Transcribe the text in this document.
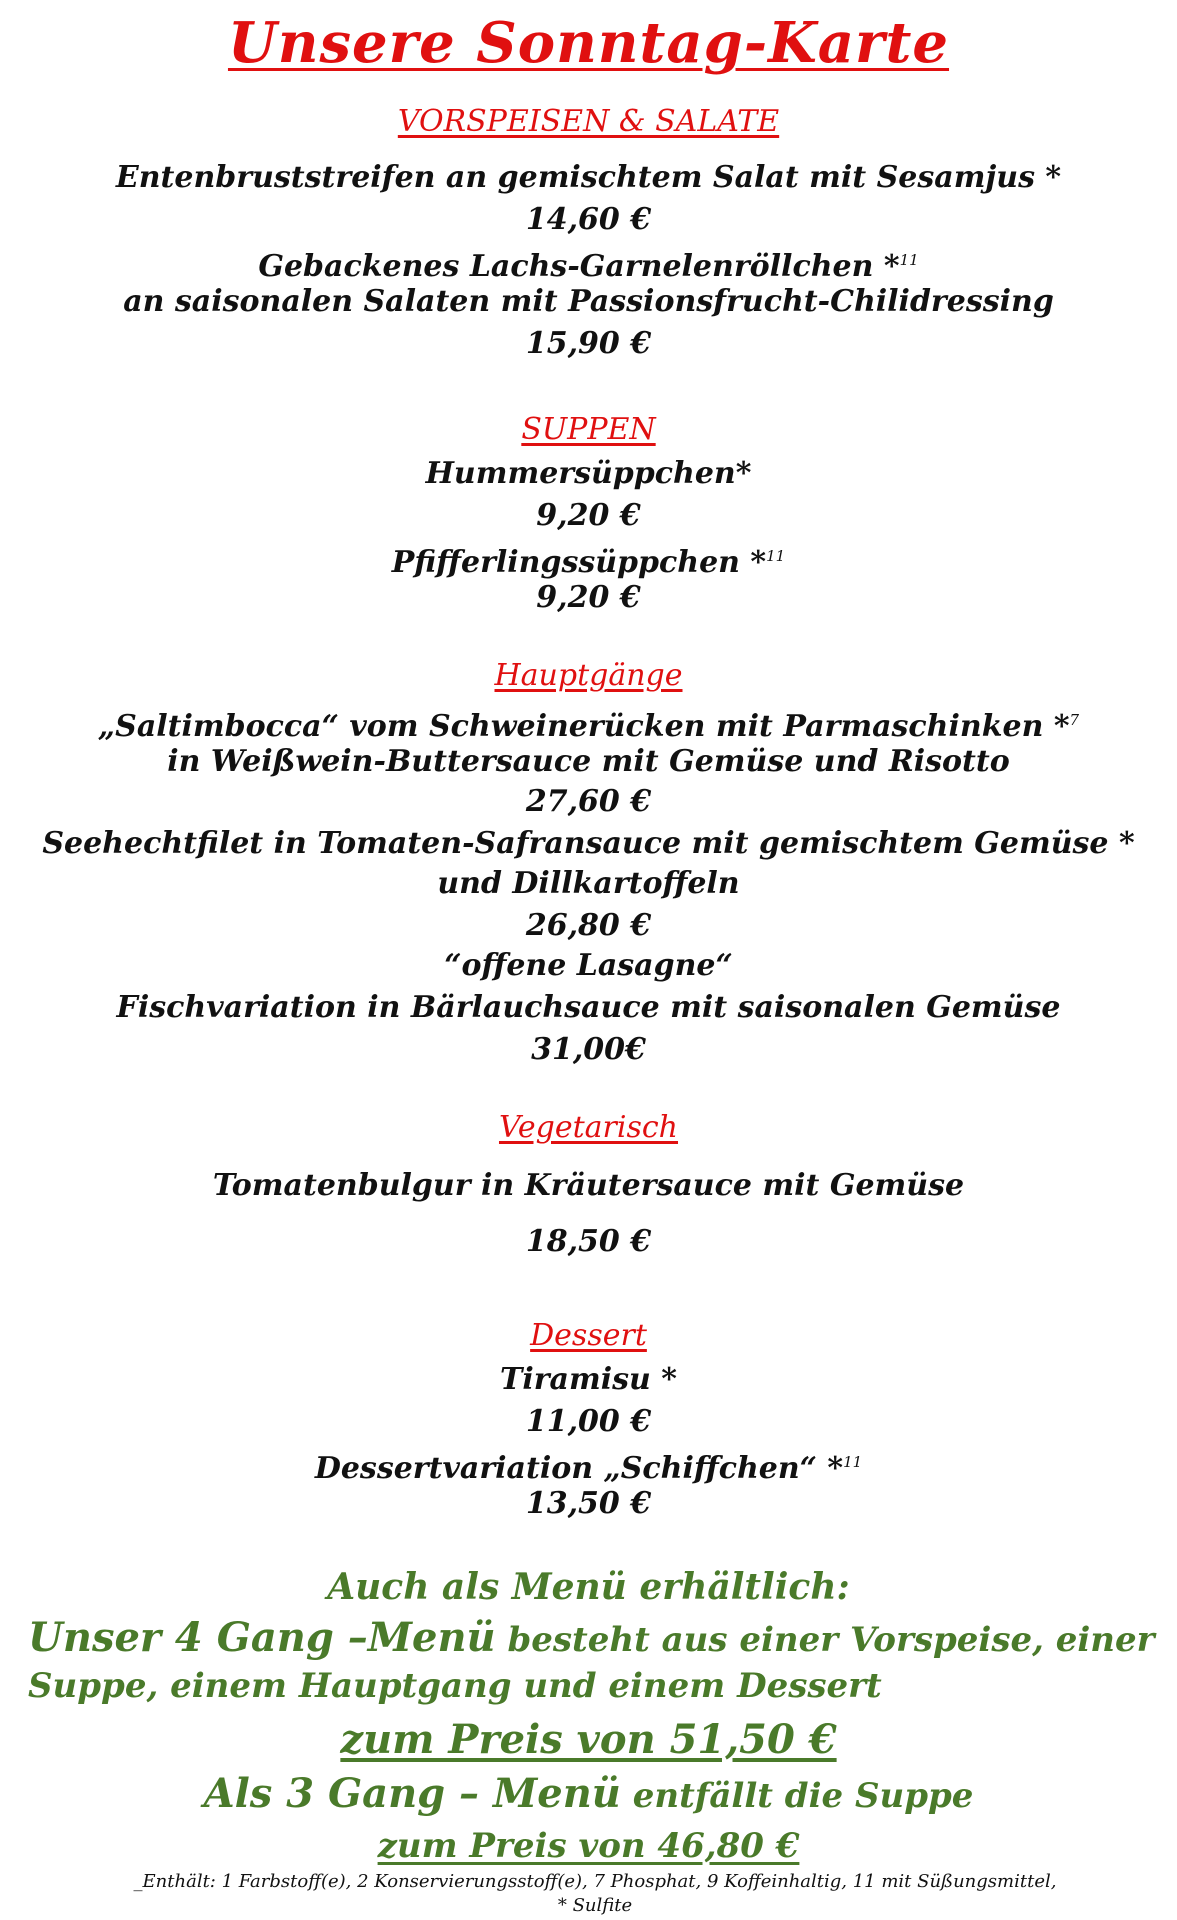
Unsere Sonntag-Karte
VORSPEISEN & SALATE
Entenbruststreifen an gemischtem Salat mit Sesamjus *
14,60 €
Gebackenes Lachs-Garnelenröllchen *$^{11}$
an saisonalen Salaten mit Passionsfrucht-Chilidressing
15,90 €
SUPPEN
Hummersüppchen*
9,20 €
Pfifferlingssüppchen *$^{11}$
9,20 €
Hauptgänge
„Saltimbocca“ vom Schweinerücken mit Parmaschinken *$^7$
in Weißwein-Buttersauce mit Gemüse und Risotto
27,60 €
Seehechtfilet in Tomaten-Safransauce mit gemischtem Gemüse *
und Dillkartoffeln
26,80 €
“offene Lasagne“
Fischvariation in Bärlauchsauce mit saisonalen Gemüse
31,00€
Vegetarisch
Tomatenbulgur in Kräutersauce mit Gemüse
18,50 €
Dessert
Tiramisu *
11,00 €
Dessertvariation „Schiffchen“ *$^{11}$
13,50 €
Auch als Menü erhältlich:
Unser 4 Gang –Menü besteht aus einer Vorspeise, einer
Suppe, einem Hauptgang und einem Dessert
zum Preis von 51,50 €
Als 3 Gang – Menü entfällt die Suppe
zum Preis von 46,80 €
_Enthält: 1 Farbstoff(e), 2 Konservierungsstoff(e), 7 Phosphat, 9 Koffeinhaltig, 11 mit Süßungsmittel,
* Sulfite
